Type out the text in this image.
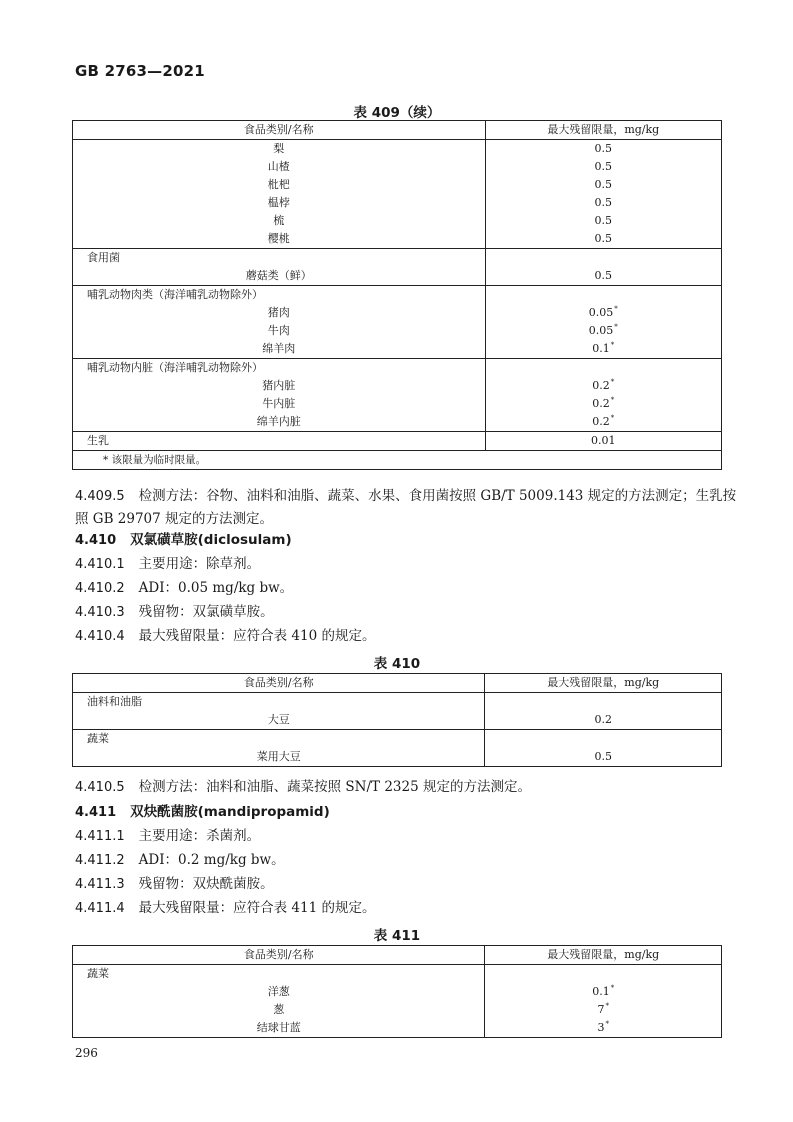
GB 2763—2021
表 409（续）
食品类别/名称	最大残留限量，mg/kg
梨	0.5
山楂	0.5
枇杷	0.5
榅桲	0.5
梳	0.5
樱桃	0.5
食用菌	
蘑菇类（鲜）	0.5
哺乳动物肉类（海洋哺乳动物除外）	
猪肉	0.05*
牛肉	0.05*
绵羊肉	0.1*
哺乳动物内脏（海洋哺乳动物除外）	
猪内脏	0.2*
牛内脏	0.2*
绵羊内脏	0.2*
生乳	0.01
* 该限量为临时限量。	
4.409.5 检测方法：谷物、油料和油脂、蔬菜、水果、食用菌按照 GB/T 5009.143 规定的方法测定；生乳按
照 GB 29707 规定的方法测定。
4.410 双氯磺草胺(diclosulam)
4.410.1 主要用途：除草剂。
4.410.2 ADI：0.05 mg/kg bw。
4.410.3 残留物：双氯磺草胺。
4.410.4 最大残留限量：应符合表 410 的规定。
表 410
食品类别/名称	最大残留限量，mg/kg
油料和油脂	
大豆	0.2
蔬菜	
菜用大豆	0.5
4.410.5 检测方法：油料和油脂、蔬菜按照 SN/T 2325 规定的方法测定。
4.411 双炔酰菌胺(mandipropamid)
4.411.1 主要用途：杀菌剂。
4.411.2 ADI：0.2 mg/kg bw。
4.411.3 残留物：双炔酰菌胺。
4.411.4 最大残留限量：应符合表 411 的规定。
表 411
食品类别/名称	最大残留限量，mg/kg
蔬菜	
洋葱	0.1*
葱	7*
结球甘蓝	3*
296
